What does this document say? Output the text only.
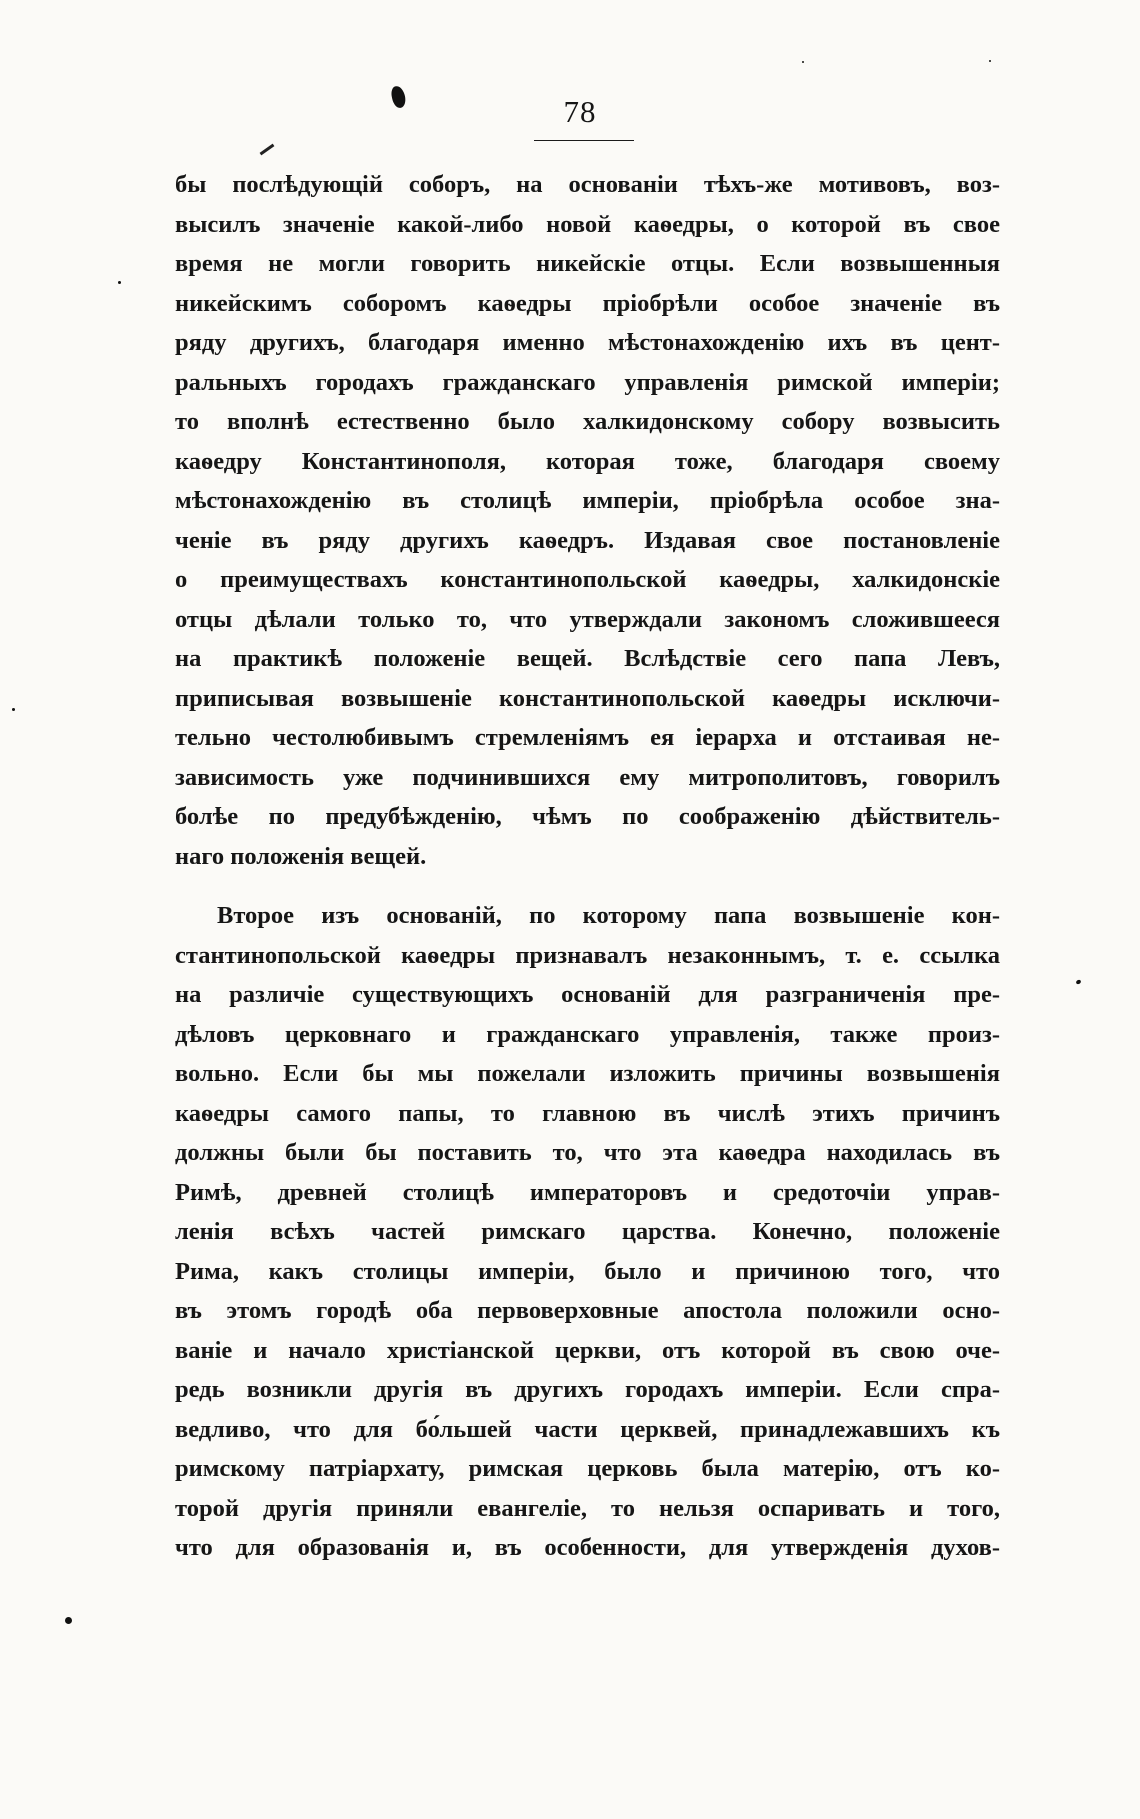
78

бы послѣдующій соборъ, на основаніи тѣхъ-же мотивовъ, воз-
высилъ значеніе какой-либо новой каѳедры, о которой въ свое
время не могли говорить никейскіе отцы. Если возвышенныя
никейскимъ соборомъ каѳедры пріобрѣли особое значеніе въ
ряду другихъ, благодаря именно мѣстонахожденію ихъ въ цент-
ральныхъ городахъ гражданскаго управленія римской имперіи;
то вполнѣ естественно было халкидонскому собору возвысить
каѳедру Константинополя, которая тоже, благодаря своему
мѣстонахожденію въ столицѣ имперіи, пріобрѣла особое зна-
ченіе въ ряду другихъ каѳедръ. Издавая свое постановленіе
о преимуществахъ константинопольской каѳедры, халкидонскіе
отцы дѣлали только то, что утверждали закономъ сложившееся
на практикѣ положеніе вещей. Вслѣдствіе сего папа Левъ,
приписывая возвышеніе константинопольской каѳедры исключи-
тельно честолюбивымъ стремленіямъ ея іерарха и отстаивая не-
зависимость уже подчинившихся ему митрополитовъ, говорилъ
болѣе по предубѣжденію, чѣмъ по соображенію дѣйствитель-
наго положенія вещей.

Второе изъ основаній, по которому папа возвышеніе кон-
стантинопольской каѳедры признавалъ незаконнымъ, т. е. ссылка
на различіе существующихъ основаній для разграниченія пре-
дѣловъ церковнаго и гражданскаго управленія, также произ-
вольно. Если бы мы пожелали изложить причины возвышенія
каѳедры самого папы, то главною въ числѣ этихъ причинъ
должны были бы поставить то, что эта каѳедра находилась въ
Римѣ, древней столицѣ императоровъ и средоточіи управ-
ленія всѣхъ частей римскаго царства. Конечно, положеніе
Рима, какъ столицы имперіи, было и причиною того, что
въ этомъ городѣ оба первоверховные апостола положили осно-
ваніе и начало христіанской церкви, отъ которой въ свою оче-
редь возникли другія въ другихъ городахъ имперіи. Если спра-
ведливо, что для бо́льшей части церквей, принадлежавшихъ къ
римскому патріархату, римская церковь была матерію, отъ ко-
торой другія приняли евангеліе, то нельзя оспаривать и того,
что для образованія и, въ особенности, для утвержденія духов-
